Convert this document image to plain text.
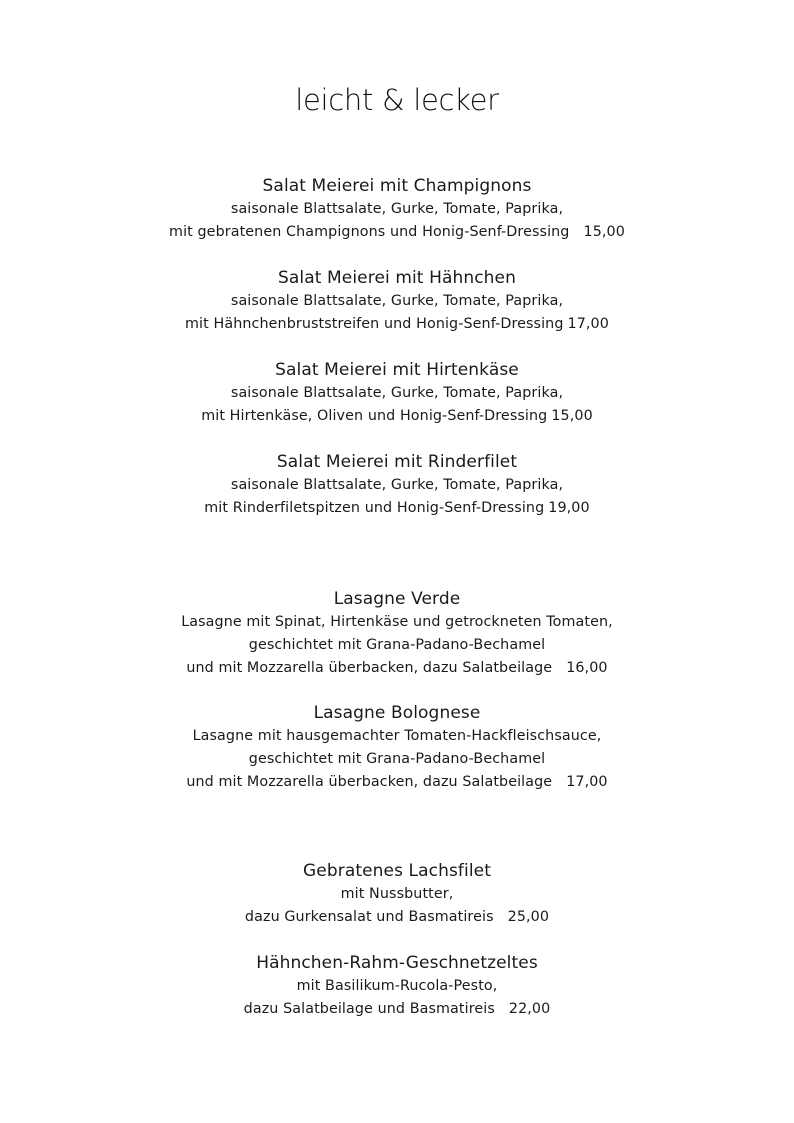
leicht & lecker
Salat Meierei mit Champignons
saisonale Blattsalate, Gurke, Tomate, Paprika,
mit gebratenen Champignons und Honig-Senf-Dressing 15,00
Salat Meierei mit Hähnchen
saisonale Blattsalate, Gurke, Tomate, Paprika,
mit Hähnchenbruststreifen und Honig-Senf-Dressing 17,00
Salat Meierei mit Hirtenkäse
saisonale Blattsalate, Gurke, Tomate, Paprika,
mit Hirtenkäse, Oliven und Honig-Senf-Dressing 15,00
Salat Meierei mit Rinderfilet
saisonale Blattsalate, Gurke, Tomate, Paprika,
mit Rinderfiletspitzen und Honig-Senf-Dressing 19,00
Lasagne Verde
Lasagne mit Spinat, Hirtenkäse und getrockneten Tomaten,
geschichtet mit Grana-Padano-Bechamel
und mit Mozzarella überbacken, dazu Salatbeilage 16,00
Lasagne Bolognese
Lasagne mit hausgemachter Tomaten-Hackfleischsauce,
geschichtet mit Grana-Padano-Bechamel
und mit Mozzarella überbacken, dazu Salatbeilage 17,00
Gebratenes Lachsfilet
mit Nussbutter,
dazu Gurkensalat und Basmatireis 25,00
Hähnchen-Rahm-Geschnetzeltes
mit Basilikum-Rucola-Pesto,
dazu Salatbeilage und Basmatireis 22,00
